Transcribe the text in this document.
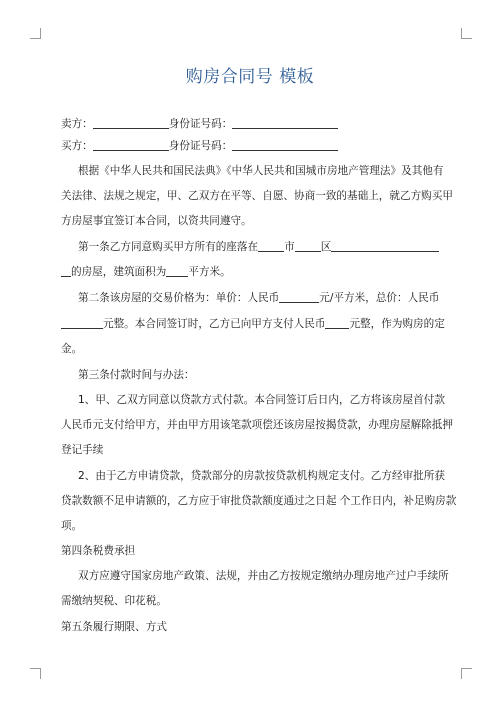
购房合同号 模板
卖方：	身份证号码：
买方：	身份证号码：
根据《中华人民共和国民法典》《中华人民共和国城市房地产管理法》及其他有
关法律、法规之规定，甲、乙双方在平等、自愿、协商一致的基础上，就乙方购买甲
方房屋事宜签订本合同，以资共同遵守。
第一条乙方同意购买甲方所有的座落在 市 区
的房屋，建筑面积为 平方米。
第二条该房屋的交易价格为：单价：人民币	元/平方米，总价：人民币
元整。本合同签订时，乙方已向甲方支付人民币 元整，作为购房的定
金。
第三条付款时间与办法：
1、甲、乙双方同意以贷款方式付款。本合同签订后日内，乙方将该房屋首付款
人民币元支付给甲方，并由甲方用该笔款项偿还该房屋按揭贷款，办理房屋解除抵押
登记手续
2、由于乙方申请贷款，贷款部分的房款按贷款机构规定支付。乙方经审批所获
贷款数额不足申请额的，乙方应于审批贷款额度通过之日起 个工作日内，补足购房款
项。
第四条税费承担
双方应遵守国家房地产政策、法规，并由乙方按规定缴纳办理房地产过户手续所
需缴纳契税、印花税。
第五条履行期限、方式
